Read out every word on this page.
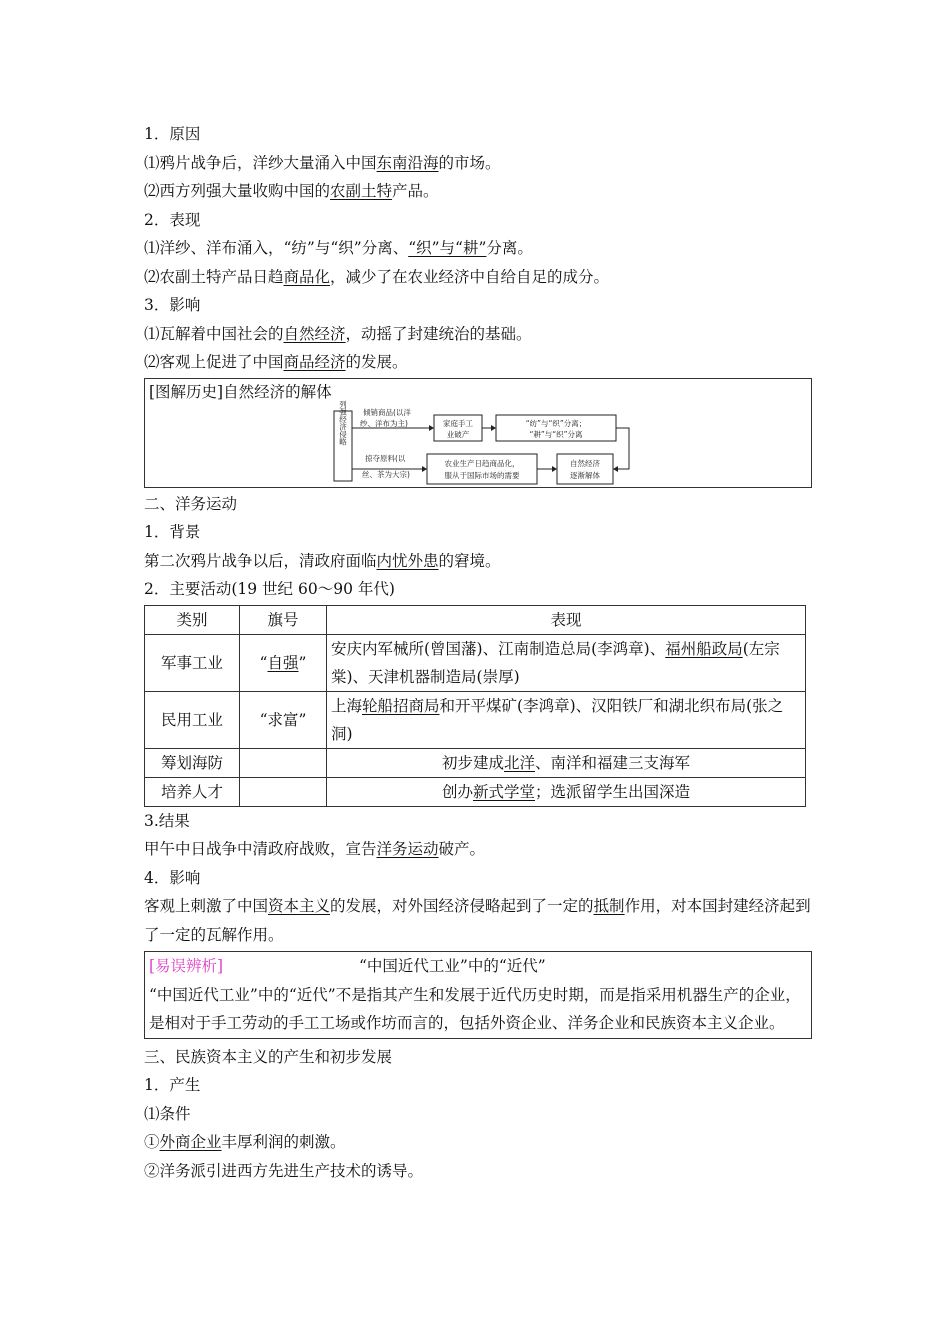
1．原因
⑴鸦片战争后，洋纱大量涌入中国东南沿海的市场。
⑵西方列强大量收购中国的农副土特产品。
2．表现
⑴洋纱、洋布涌入，“纺”与“织”分离、“织”与“耕”分离。
⑵农副土特产品日趋商品化，减少了在农业经济中自给自足的成分。
3．影响
⑴瓦解着中国社会的自然经济，动摇了封建统治的基础。
⑵客观上促进了中国商品经济的发展。
[图解历史]自然经济的解体
列强经济侵略 倾销商品(以洋
纱、洋布为主)	家庭手工
业破产
“纺”与“织”分离；
“耕”与“织”分离
掠夺原料(以
丝、茶为大宗)
农业生产日趋商品化，
服从于国际市场的需要
自然经济
逐渐解体
二、洋务运动
1．背景
第二次鸦片战争以后，清政府面临内忧外患的窘境。
2．主要活动(19 世纪 60～90 年代)
类别	旗号	表现
军事工业	“自强”	安庆内军械所(曾国藩)、江南制造总局(李鸿章)、福州船政局(左宗棠)、天津机器制造局(崇厚)
民用工业	“求富”	上海轮船招商局和开平煤矿(李鸿章)、汉阳铁厂和湖北织布局(张之洞)
筹划海防		初步建成北洋、南洋和福建三支海军
培养人才		创办新式学堂；选派留学生出国深造
3.结果
甲午中日战争中清政府战败，宣告洋务运动破产。
4．影响
客观上刺激了中国资本主义的发展，对外国经济侵略起到了一定的抵制作用，对本国封建经济起到了一定的瓦解作用。
[易误辨析]	“中国近代工业”中的“近代”
“中国近代工业”中的“近代”不是指其产生和发展于近代历史时期，而是指采用机器生产的企业，是相对于手工劳动的手工工场或作坊而言的，包括外资企业、洋务企业和民族资本主义企业。
三、民族资本主义的产生和初步发展
1．产生
⑴条件
①外商企业丰厚利润的刺激。
②洋务派引进西方先进生产技术的诱导。
